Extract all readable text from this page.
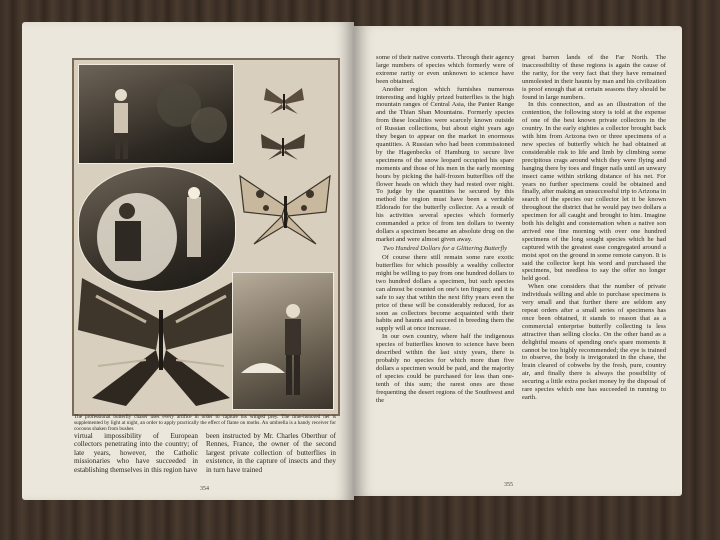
The professional butterfly chaser uses every artifice in order to capture his winged prey. The time-honored net is supplemented by light at night, an order to apply practically the effect of flame on moths. An umbrella is a handy receiver for cocoons shaken from bushes

virtual impossibility of European collectors penetrating into the country; of late years, however, the Catholic missionaries who have succeeded in establishing themselves in this region have

been instructed by Mr. Charles Oberthur of Rennes, France, the owner of the second largest private collection of butterflies in existence, in the capture of insects and they in turn have trained

354

some of their native converts. Through their agency large numbers of species which formerly were of extreme rarity or even unknown to science have been obtained.

Another region which furnishes numerous interesting and highly prized butterflies is the high mountain ranges of Central Asia, the Panier Range and the Thian Shan Mountains. Formerly species from these localities were scarcely known outside of Russian collections, but about eight years ago they began to appear on the market in enormous quantities. A Russian who had been commissioned by the Hagenbecks of Hamburg to secure live specimens of the snow leopard occupied his spare moments and those of his men in the early morning hours by picking the half-frozen butterflies off the flower heads on which they had rested over night. To judge by the quantities he secured by this method the region must have been a veritable Eldorado for the butterfly collector. As a result of his activities several species which formerly commanded a price of from ten dollars to twenty dollars a specimen became an absolute drug on the market and were almost given away.

Two Hundred Dollars for a Glittering Butterfly

Of course there still remain some rare exotic butterflies for which possibly a wealthy collector might be willing to pay from one hundred dollars to two hundred dollars a specimen, but such species can almost be counted on one's ten fingers; and it is safe to say that within the next fifty years even the price of these will be considerably reduced, for as soon as collectors become acquainted with their habits and haunts and succeed in breeding them the supply will at once increase.

In our own country, where half the indigenous species of butterflies known to science have been described within the last sixty years, there is probably no species for which more than five dollars a specimen would be paid, and the majority of species could be purchased for less than one-tenth of this sum; the rarest ones are those frequenting the desert regions of the Southwest and the

great barren lands of the Far North. The inaccessibility of these regions is again the cause of the rarity, for the very fact that they have remained unmolested in their haunts by man and his civilization is proof enough that at certain seasons they should be found in large numbers.

In this connection, and as an illustration of the contention, the following story is told at the expense of one of the best known private collectors in the country. In the early eighties a collector brought back with him from Arizona two or three specimens of a new species of butterfly which he had obtained at considerable risk to life and limb by climbing some precipitous crags around which they were flying and hanging there by toes and finger nails until an unwary insect came within striking distance of his net. For years no further specimens could be obtained and finally, after making an unsuccessful trip to Arizona in search of the species our collector let it be known throughout the district that he would pay two dollars a specimen for all caught and brought to him. Imagine both his delight and consternation when a native son arrived one fine morning with over one hundred specimens of the long sought species which he had captured with the greatest ease congregated around a moist spot on the ground in some remote canyon. It is said the collector kept his word and purchased the specimens, but needless to say the offer no longer held good.

When one considers that the number of private individuals willing and able to purchase specimens is very small and that further there are seldom any repeat orders after a small series of specimens has once been obtained, it stands to reason that as a commercial enterprise butterfly collecting is less attractive than selling clocks. On the other hand as a delightful means of spending one's spare moments it cannot be too highly recommended; the eye is trained to observe, the body is invigorated in the chase, the brain cleared of cobwebs by the fresh, pure, country air, and finally there is always the possibility of securing a little extra pocket money by the disposal of rare species which one has succeeded in running to earth.

355
